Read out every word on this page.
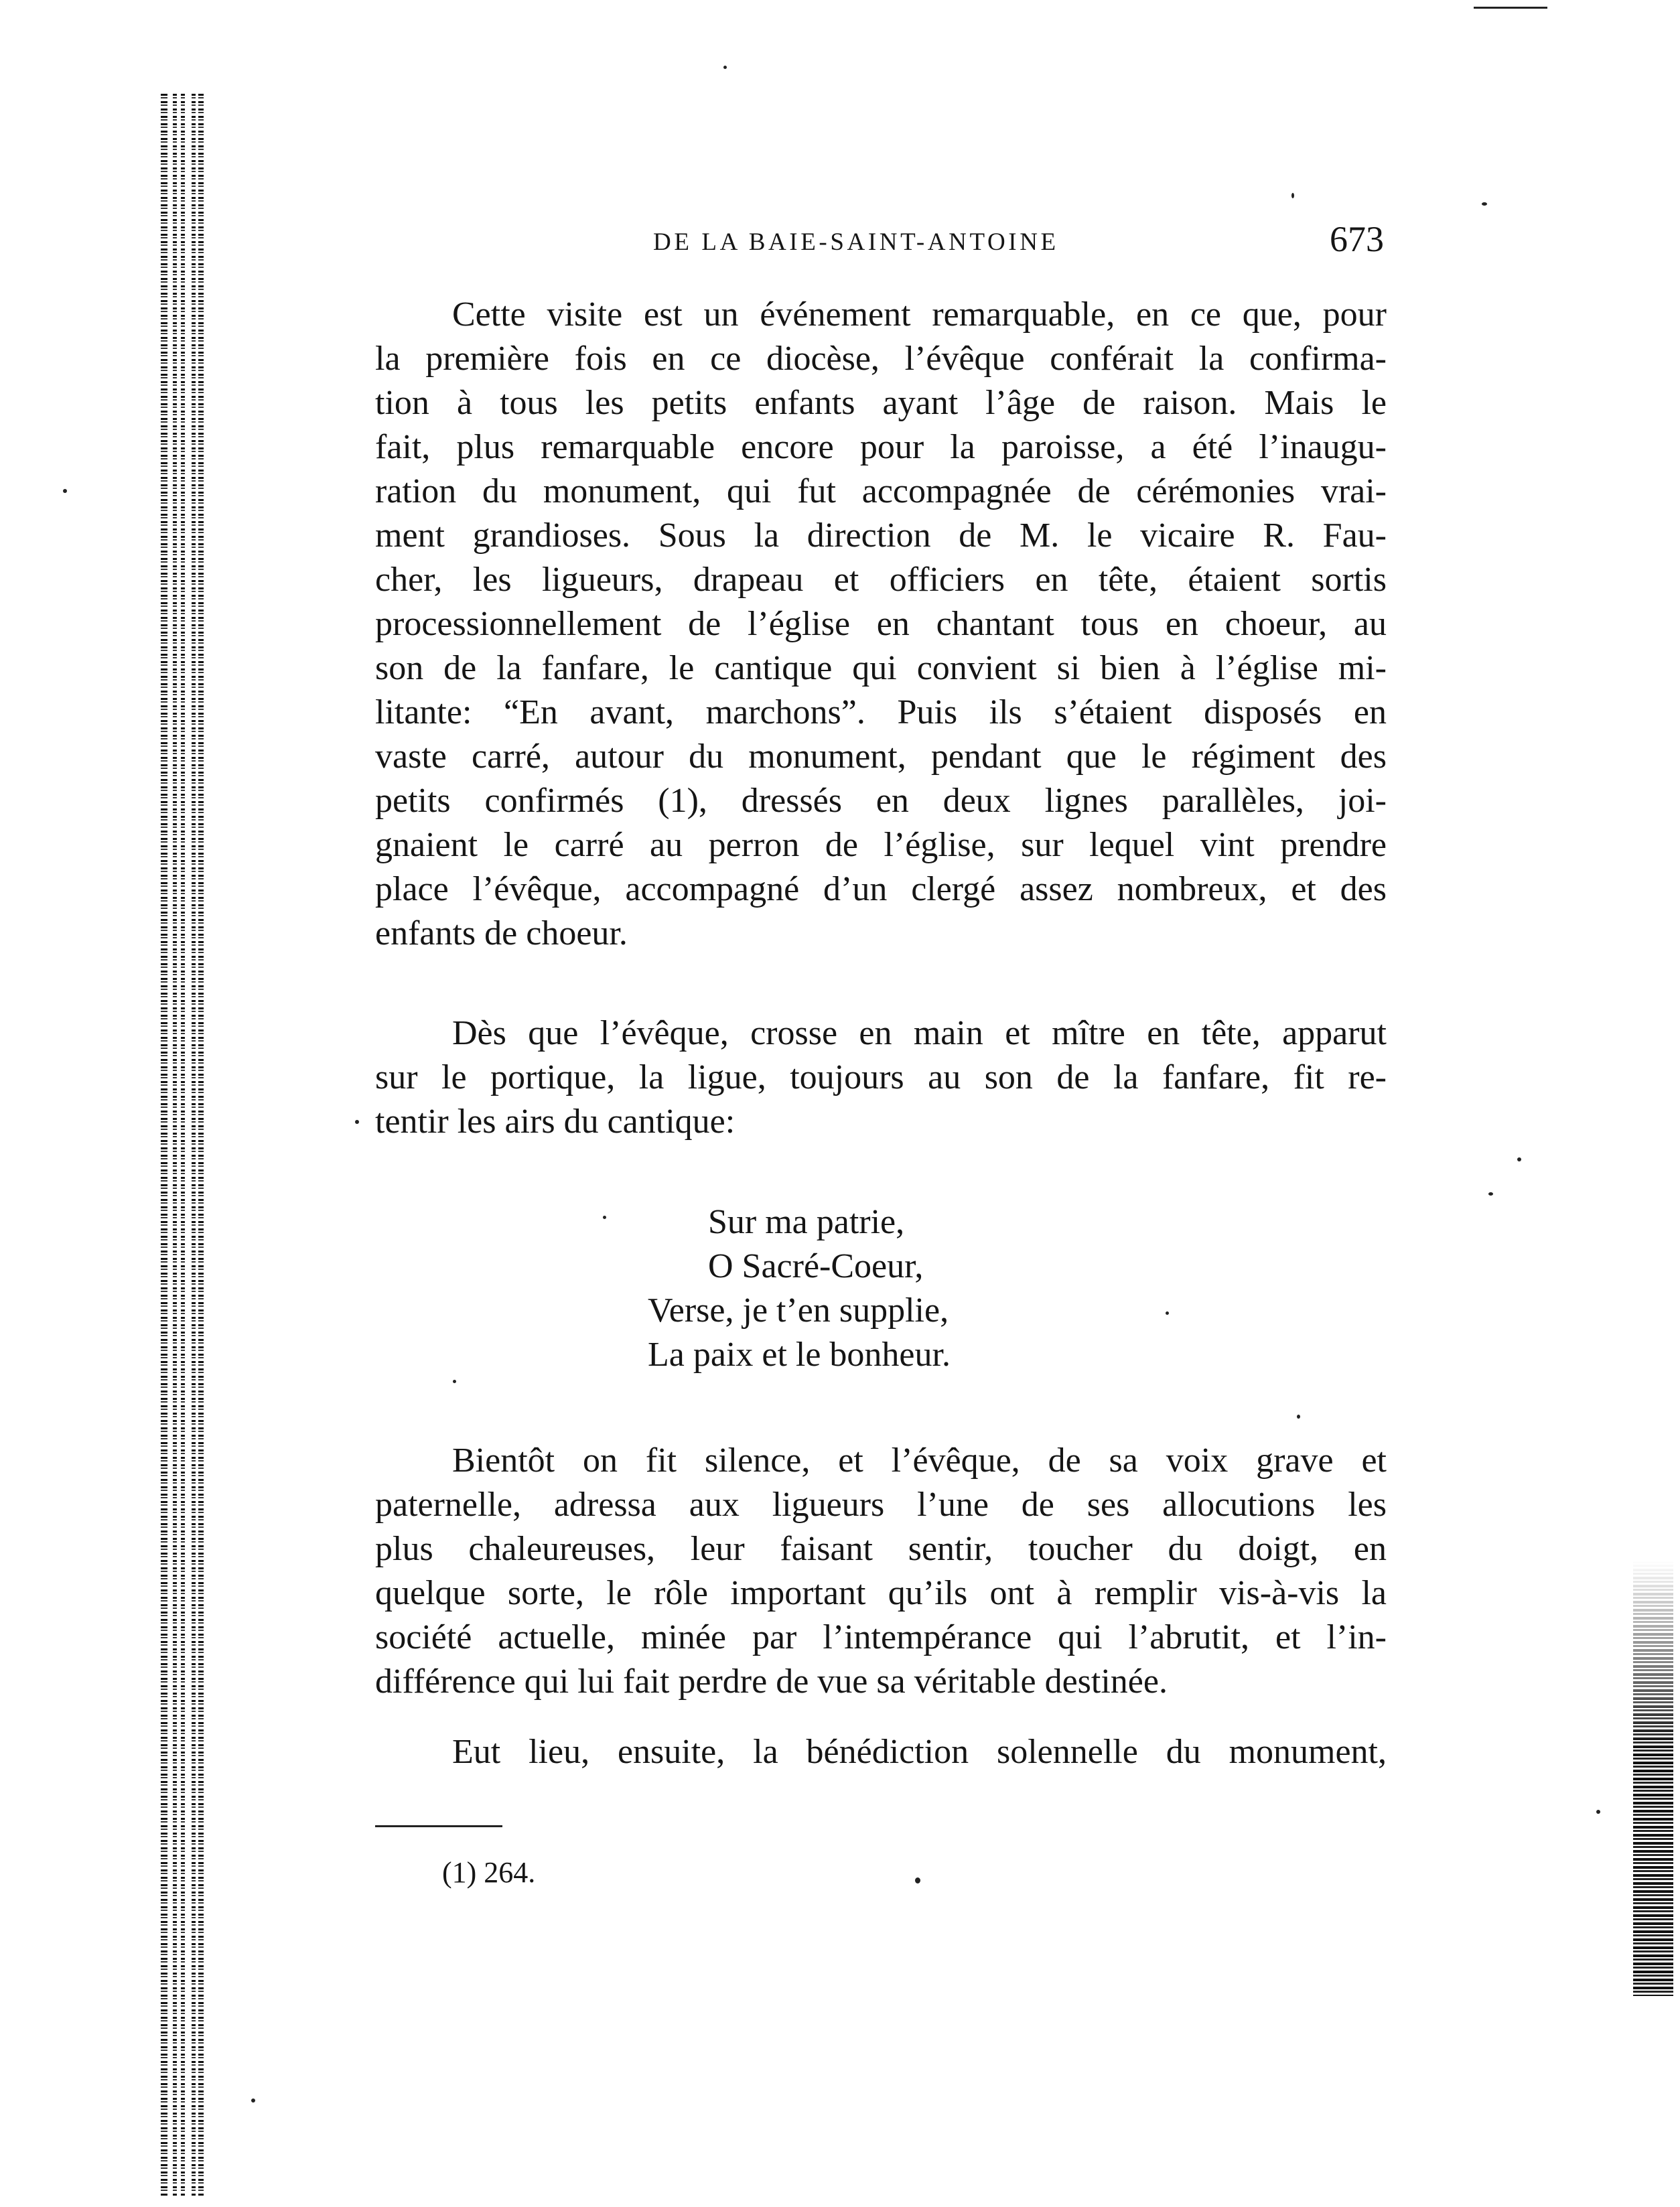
DE LA BAIE-SAINT-ANTOINE	673
Cette visite est un événement remarquable, en ce que, pour
la première fois en ce diocèse, l’évêque conférait la confirma-
tion à tous les petits enfants ayant l’âge de raison. Mais le
fait, plus remarquable encore pour la paroisse, a été l’inaugu-
ration du monument, qui fut accompagnée de cérémonies vrai-
ment grandioses. Sous la direction de M. le vicaire R. Fau-
cher, les ligueurs, drapeau et officiers en tête, étaient sortis
processionnellement de l’église en chantant tous en choeur, au
son de la fanfare, le cantique qui convient si bien à l’église mi-
litante: “En avant, marchons”. Puis ils s’étaient disposés en
vaste carré, autour du monument, pendant que le régiment des
petits confirmés (1), dressés en deux lignes parallèles, joi-
gnaient le carré au perron de l’église, sur lequel vint prendre
place l’évêque, accompagné d’un clergé assez nombreux, et des
enfants de choeur.
Dès que l’évêque, crosse en main et mître en tête, apparut
sur le portique, la ligue, toujours au son de la fanfare, fit re-
tentir les airs du cantique:
Sur ma patrie,
O Sacré-Coeur,
Verse, je t’en supplie,
La paix et le bonheur.
Bientôt on fit silence, et l’évêque, de sa voix grave et
paternelle, adressa aux ligueurs l’une de ses allocutions les
plus chaleureuses, leur faisant sentir, toucher du doigt, en
quelque sorte, le rôle important qu’ils ont à remplir vis-à-vis la
société actuelle, minée par l’intempérance qui l’abrutit, et l’in-
différence qui lui fait perdre de vue sa véritable destinée.
Eut lieu, ensuite, la bénédiction solennelle du monument,
(1) 264.
